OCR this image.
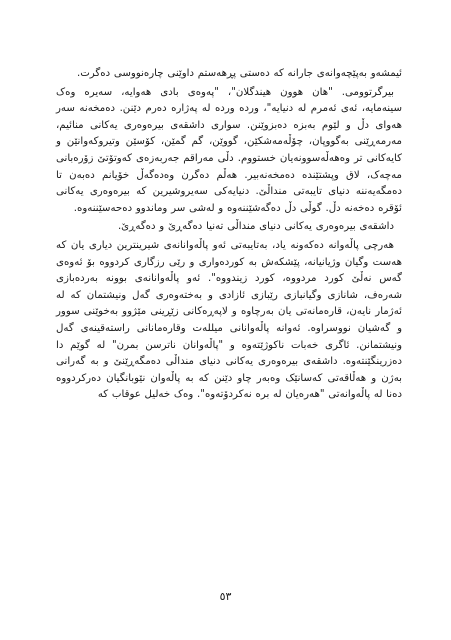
ئیمشەو بەپێچەوانەی جارانە کە دەستی پڕهەستم داوێنی چارەنووسی دەگرت.

بیرگرتوومی. "هان هوون هیندگلان"، "پەوەی بادی هەوایە، سەیرە وەک سینەمایە، ئەی ئەمرم لە دنیایە"، وردە وردە لە پەژارە دەرم دێنن. دەمخەنە سەر هەوای دڵ و لێوم بەبزە دەبزوێنن. سواری داشقەی بیرەوەری یەکانی منائیم، مەرمەڕێنی بەگووپان، چۆڵەمەشکێن، گووێن، گم گمێن، کۆسێن وتیروکەوانێن و کایەکانی تر وەهەڵەسوونەیان خستووم. دڵی مەراقم جەربەزەی کەوتۆتێ زۆرەبانی مەچەک، لاق وپشتێندە دەمخەنەبیر. هەڵم دەگرن وەدەگەڵ خۆیانم دەبەن تا دەمگەیەننە دنیای تایبەتی منداڵێ. دنیایەکی سەیروشیرین کە بیرەوەری یەکانی ئۆقرە دەخەنە دڵ. گوڵی دڵ دەگەشێننەوە و لەشی سر وماندوو دەحەسێننەوە.

داشقەی بیرەوەری یەکانی دنیای منداڵی تەنیا دەگەڕێ و دەگەڕێ.

هەرچی پاڵەوانە دەکەونە یاد، بەتایبەتی ئەو پاڵەوانانەی شیرینترین دیاری یان کە هەست وگیان وژیانیانە، پێشکەش بە کوردەواری و رێی رزگاری کردووە بۆ ئەوەی گەس نەڵێ کورد مردووە، کورد زیندووە". ئەو پاڵەوانانەی بوونە بەردەبازی شەرەف، شانازی وگیانبازی رێبازی ئازادی و بەختەوەری گەل ونیشتمان کە لە ئەژمار نایەن، قارەمانەتی یان بەرچاوە و لاپەڕەکانی زێڕینی مێژوو بەخوێنی سوور و گەشیان نووسراوە. ئەوانە پاڵەوانانی میللەت وقارەمانانی راستەقینەی گەل ونیشتمانن. ئاگری خەبات ناکوژێتەوە و "پاڵەوانان ناترسن بمرن" لە گوێم دا دەزرینگێنتەوە. داشقەی بیرەوەری یەکانی دنیای منداڵی دەمگەڕێنێ و بە گەرانی بەژن و هەڵاقەتی کەسانێک وەبەر چاو دێنن کە بە پاڵەوان نێوبانگیان دەرکردووە دەنا لە پاڵەوانەتی "هەرەیان لە برە نەکردۆتەوە". وەک خەلیل عوقاب کە

٥٣
